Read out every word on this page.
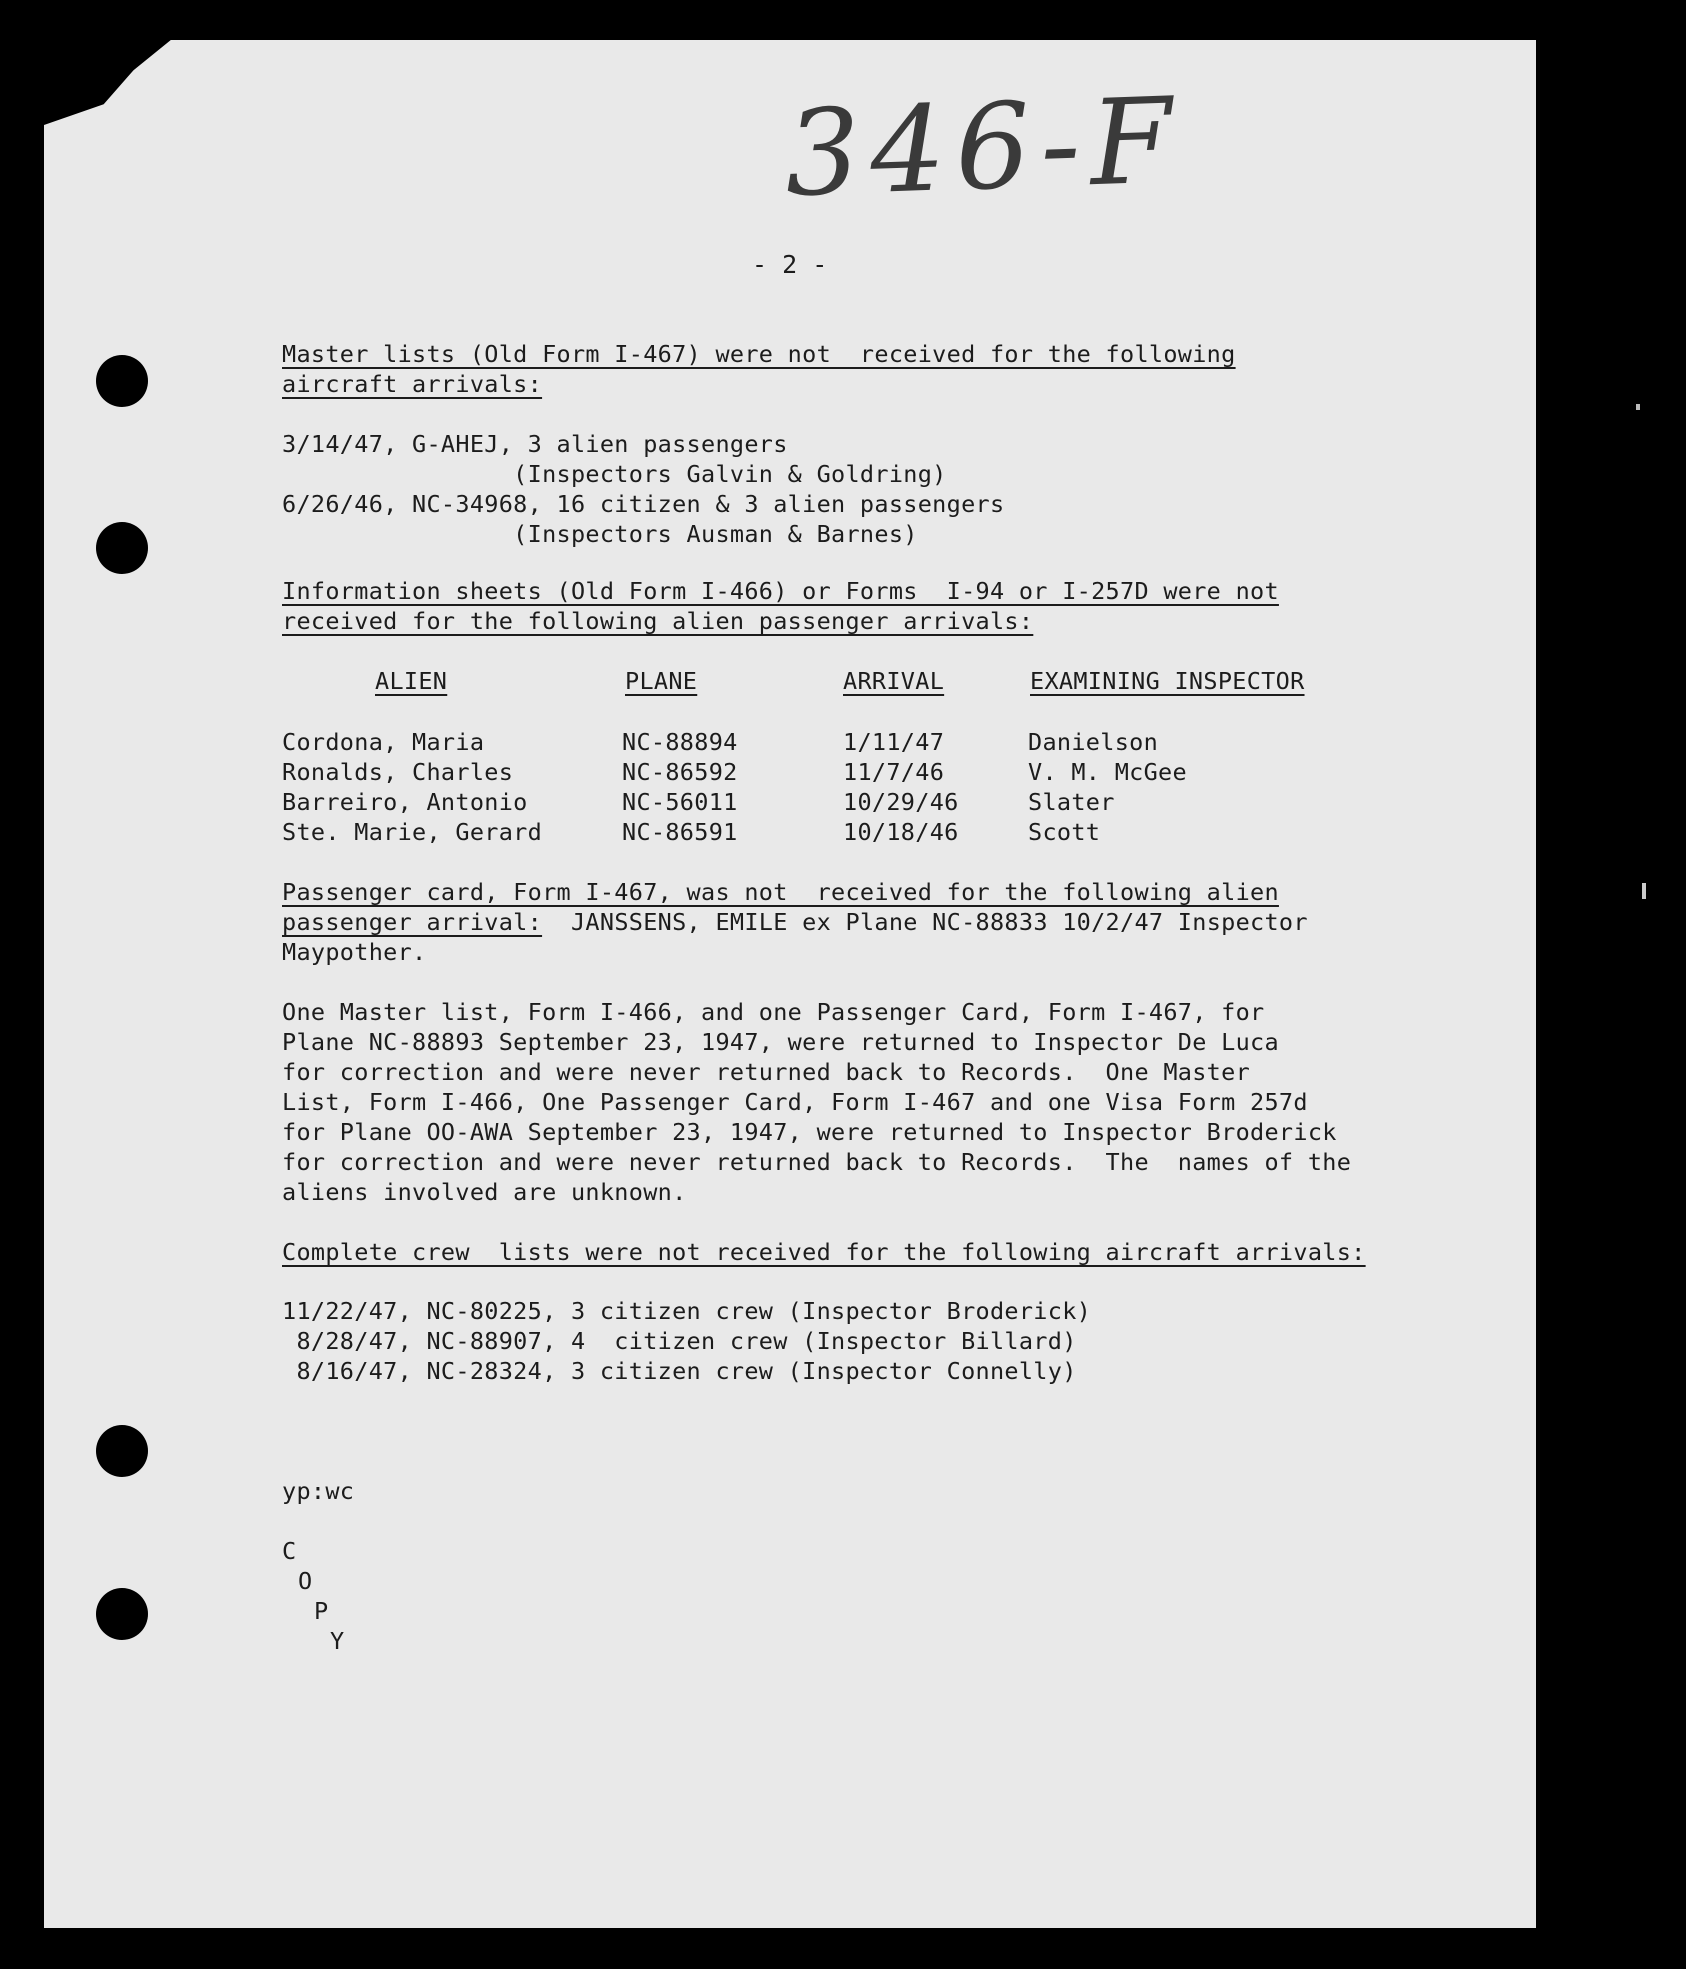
346-F
- 2 -
Master lists (Old Form I-467) were not  received for the following
aircraft arrivals:
3/14/47, G-AHEJ, 3 alien passengers
(Inspectors Galvin & Goldring)
6/26/46, NC-34968, 16 citizen & 3 alien passengers
(Inspectors Ausman & Barnes)
Information sheets (Old Form I-466) or Forms  I-94 or I-257D were not
received for the following alien passenger arrivals:
ALIEN	PLANE	ARRIVAL	EXAMINING INSPECTOR
Cordona, Maria	NC-88894	1/11/47	Danielson
Ronalds, Charles	NC-86592	11/7/46	V. M. McGee
Barreiro, Antonio	NC-56011	10/29/46	Slater
Ste. Marie, Gerard	NC-86591	10/18/46	Scott
Passenger card, Form I-467, was not  received for the following alien
passenger arrival:  JANSSENS, EMILE ex Plane NC-88833 10/2/47 Inspector
Maypother.
One Master list, Form I-466, and one Passenger Card, Form I-467, for
Plane NC-88893 September 23, 1947, were returned to Inspector De Luca
for correction and were never returned back to Records.  One Master
List, Form I-466, One Passenger Card, Form I-467 and one Visa Form 257d
for Plane OO-AWA September 23, 1947, were returned to Inspector Broderick
for correction and were never returned back to Records.  The  names of the
aliens involved are unknown.
Complete crew  lists were not received for the following aircraft arrivals:
11/22/47, NC-80225, 3 citizen crew (Inspector Broderick)
8/28/47, NC-88907, 4  citizen crew (Inspector Billard)
8/16/47, NC-28324, 3 citizen crew (Inspector Connelly)
yp:wc
C
O
P
Y
